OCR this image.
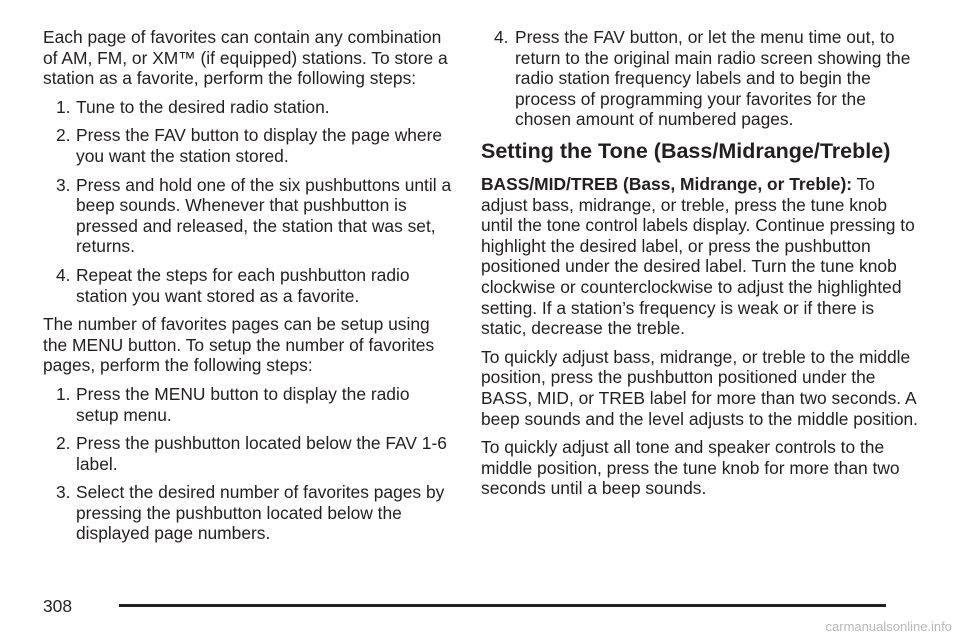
Each page of favorites can contain any combination of AM, FM, or XM™ (if equipped) stations. To store a station as a favorite, perform the following steps:

1. Tune to the desired radio station.
2. Press the FAV button to display the page where you want the station stored.
3. Press and hold one of the six pushbuttons until a beep sounds. Whenever that pushbutton is pressed and released, the station that was set, returns.
4. Repeat the steps for each pushbutton radio station you want stored as a favorite.

The number of favorites pages can be setup using the MENU button. To setup the number of favorites pages, perform the following steps:

1. Press the MENU button to display the radio setup menu.
2. Press the pushbutton located below the FAV 1-6 label.
3. Select the desired number of favorites pages by pressing the pushbutton located below the displayed page numbers.
4. Press the FAV button, or let the menu time out, to return to the original main radio screen showing the radio station frequency labels and to begin the process of programming your favorites for the chosen amount of numbered pages.
Setting the Tone (Bass/Midrange/Treble)

BASS/MID/TREB (Bass, Midrange, or Treble): To adjust bass, midrange, or treble, press the tune knob until the tone control labels display. Continue pressing to highlight the desired label, or press the pushbutton positioned under the desired label. Turn the tune knob clockwise or counterclockwise to adjust the highlighted setting. If a station’s frequency is weak or if there is static, decrease the treble.

To quickly adjust bass, midrange, or treble to the middle position, press the pushbutton positioned under the BASS, MID, or TREB label for more than two seconds. A beep sounds and the level adjusts to the middle position.

To quickly adjust all tone and speaker controls to the middle position, press the tune knob for more than two seconds until a beep sounds.

308
carmanualsonline.info
